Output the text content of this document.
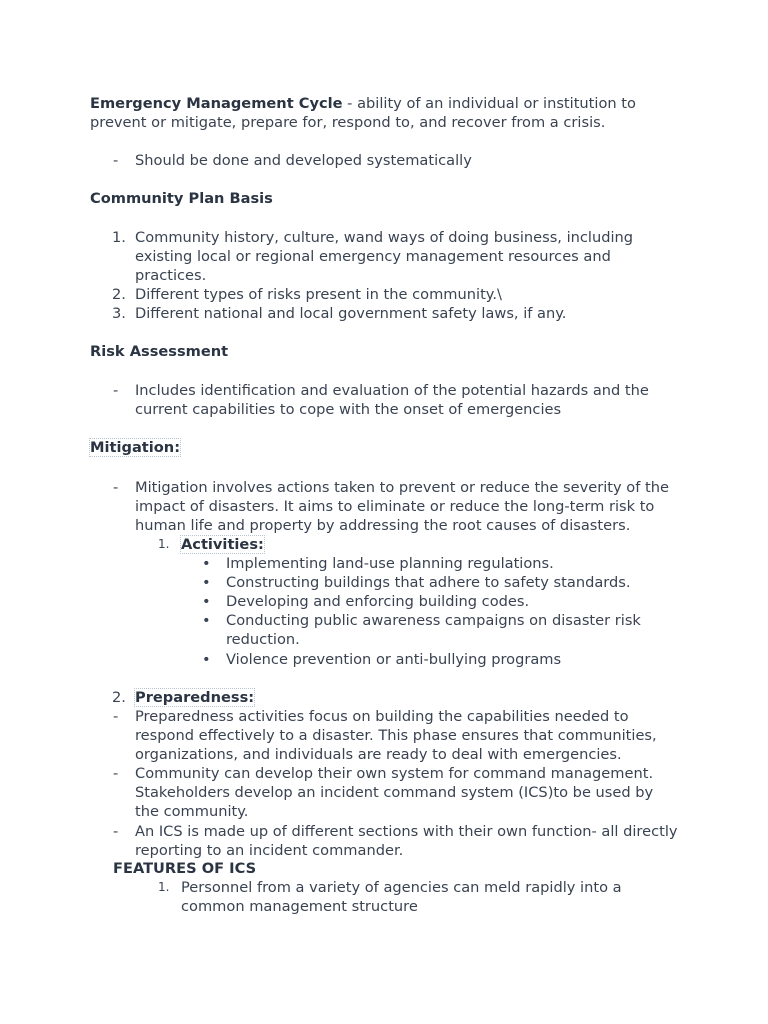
Emergency Management Cycle - ability of an individual or institution to prevent or mitigate, prepare for, respond to, and recover from a crisis.

- Should be done and developed systematically
Community Plan Basis
1. Community history, culture, wand ways of doing business, including existing local or regional emergency management resources and practices.
2. Different types of risks present in the community.\
3. Different national and local government safety laws, if any.
Risk Assessment
- Includes identification and evaluation of the potential hazards and the current capabilities to cope with the onset of emergencies
Mitigation:
- Mitigation involves actions taken to prevent or reduce the severity of the impact of disasters. It aims to eliminate or reduce the long-term risk to human life and property by addressing the root causes of disasters.
1. Activities:
• Implementing land-use planning regulations.
• Constructing buildings that adhere to safety standards.
• Developing and enforcing building codes.
• Conducting public awareness campaigns on disaster risk reduction.
• Violence prevention or anti-bullying programs
2. Preparedness:
- Preparedness activities focus on building the capabilities needed to respond effectively to a disaster. This phase ensures that communities, organizations, and individuals are ready to deal with emergencies.
- Community can develop their own system for command management. Stakeholders develop an incident command system (ICS)to be used by the community.
- An ICS is made up of different sections with their own function- all directly reporting to an incident commander.
FEATURES OF ICS
1. Personnel from a variety of agencies can meld rapidly into a common management structure
